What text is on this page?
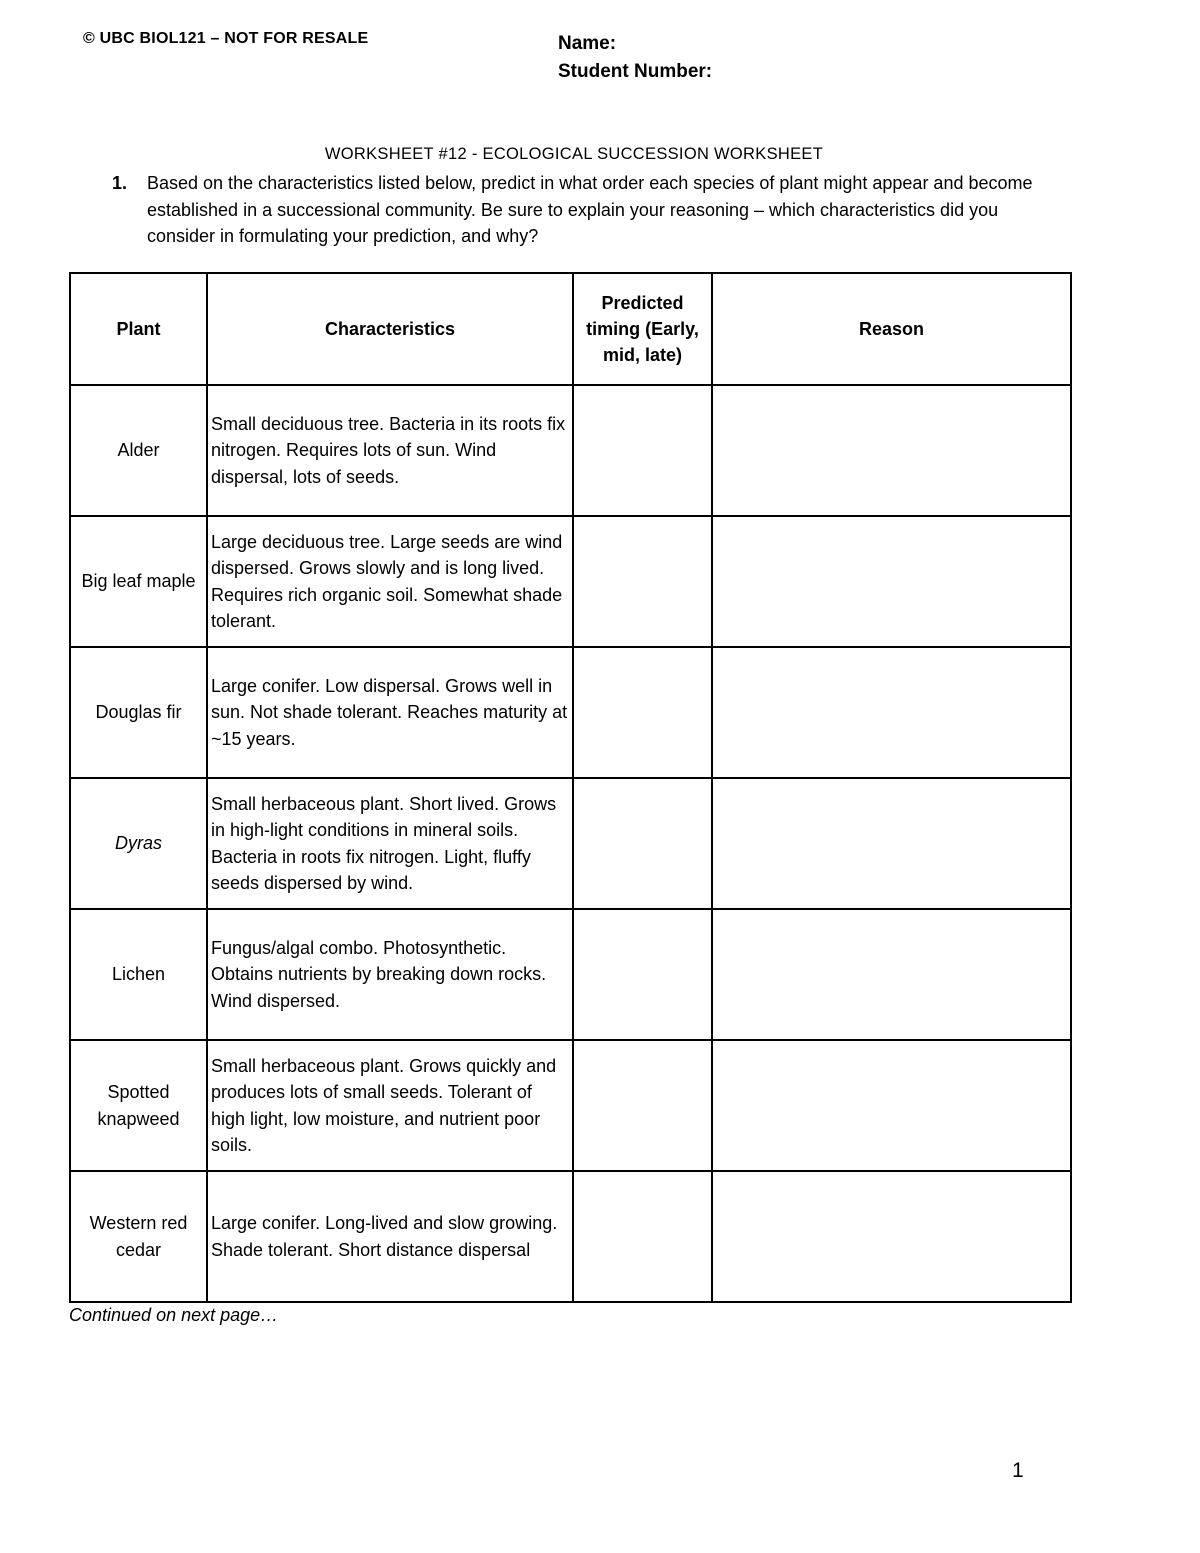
© UBC BIOL121 – NOT FOR RESALE	Name:
Student Number:
WORKSHEET #12 - ECOLOGICAL SUCCESSION WORKSHEET
1. Based on the characteristics listed below, predict in what order each species of plant might appear and become established in a successional community. Be sure to explain your reasoning – which characteristics did you consider in formulating your prediction, and why?
Plant	Characteristics	Predicted timing (Early, mid, late)	Reason
Alder	Small deciduous tree. Bacteria in its roots fix nitrogen. Requires lots of sun. Wind dispersal, lots of seeds.		
Big leaf maple	Large deciduous tree. Large seeds are wind dispersed. Grows slowly and is long lived. Requires rich organic soil. Somewhat shade tolerant.		
Douglas fir	Large conifer. Low dispersal. Grows well in sun. Not shade tolerant. Reaches maturity at ~15 years.		
Dyras	Small herbaceous plant. Short lived. Grows in high-light conditions in mineral soils. Bacteria in roots fix nitrogen. Light, fluffy seeds dispersed by wind.		
Lichen	Fungus/algal combo. Photosynthetic. Obtains nutrients by breaking down rocks. Wind dispersed.		
Spotted knapweed	Small herbaceous plant. Grows quickly and produces lots of small seeds. Tolerant of high light, low moisture, and nutrient poor soils.		
Western red cedar	Large conifer. Long-lived and slow growing. Shade tolerant. Short distance dispersal		
Continued on next page…
1
